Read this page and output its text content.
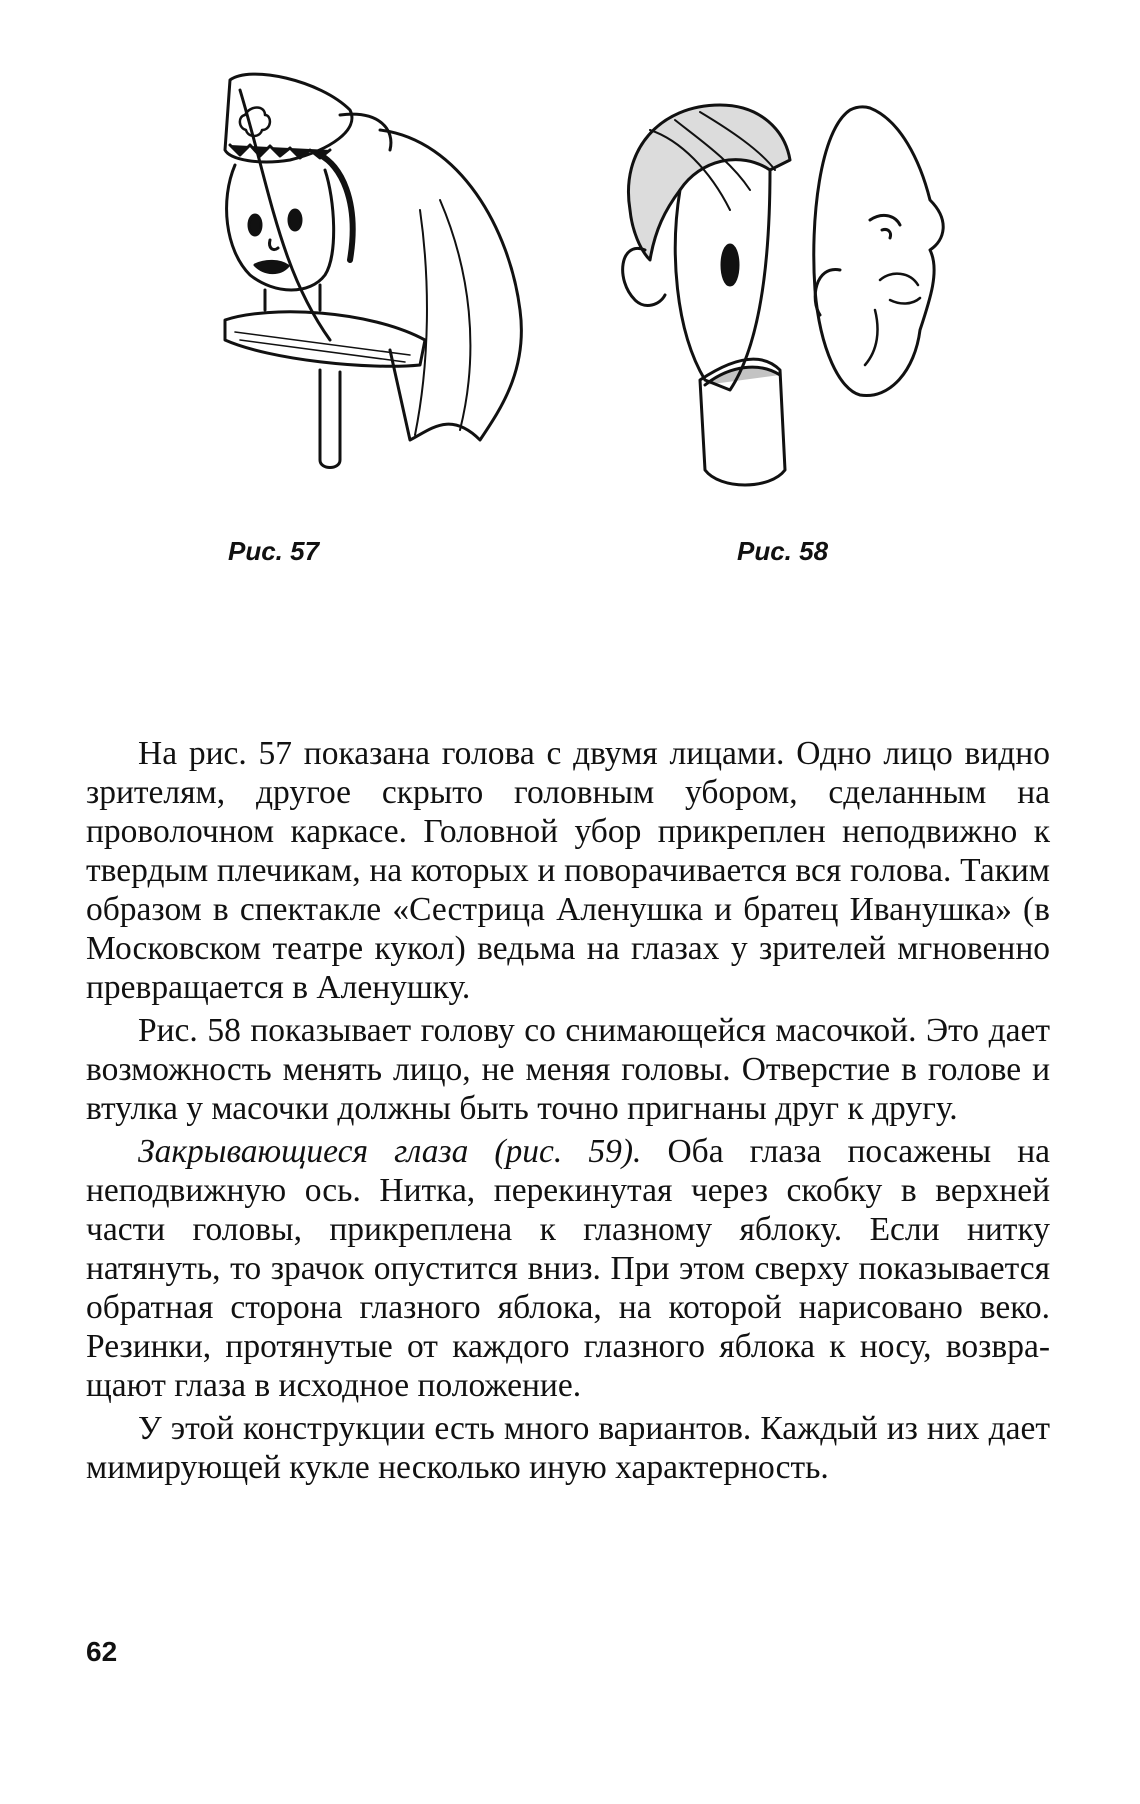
Рис. 57	Рис. 58

На рис. 57 показана голова с двумя лицами. Одно лицо видно зрителям, другое скрыто головным убором, сделанным на проволочном каркасе. Головной убор прикреплен неподвижно к твердым плечикам, на которых и поворачивается вся голова. Таким образом в спектакле «Сестрица Аленушка и братец Иванушка» (в Московском театре кукол) ведьма на глазах у зрителей мгновенно превращается в Аленушку.

Рис. 58 показывает голову со снимающейся масочкой. Это дает возможность менять лицо, не меняя головы. Отверстие в голове и втулка у масочки должны быть точно пригнаны друг к другу.

Закрывающиеся глаза (рис. 59). Оба глаза посажены на неподвижную ось. Нитка, перекинутая через скобку в верхней части головы, прикреплена к глазному яблоку. Если нитку натянуть, то зрачок опустится вниз. При этом сверху показывается обратная сторона глазного яблока, на которой нарисовано веко. Резинки, протянутые от каждого глазного яблока к носу, возвращают глаза в исходное положение.

У этой конструкции есть много вариантов. Каждый из них дает мимирующей кукле несколько иную характерность.

62
